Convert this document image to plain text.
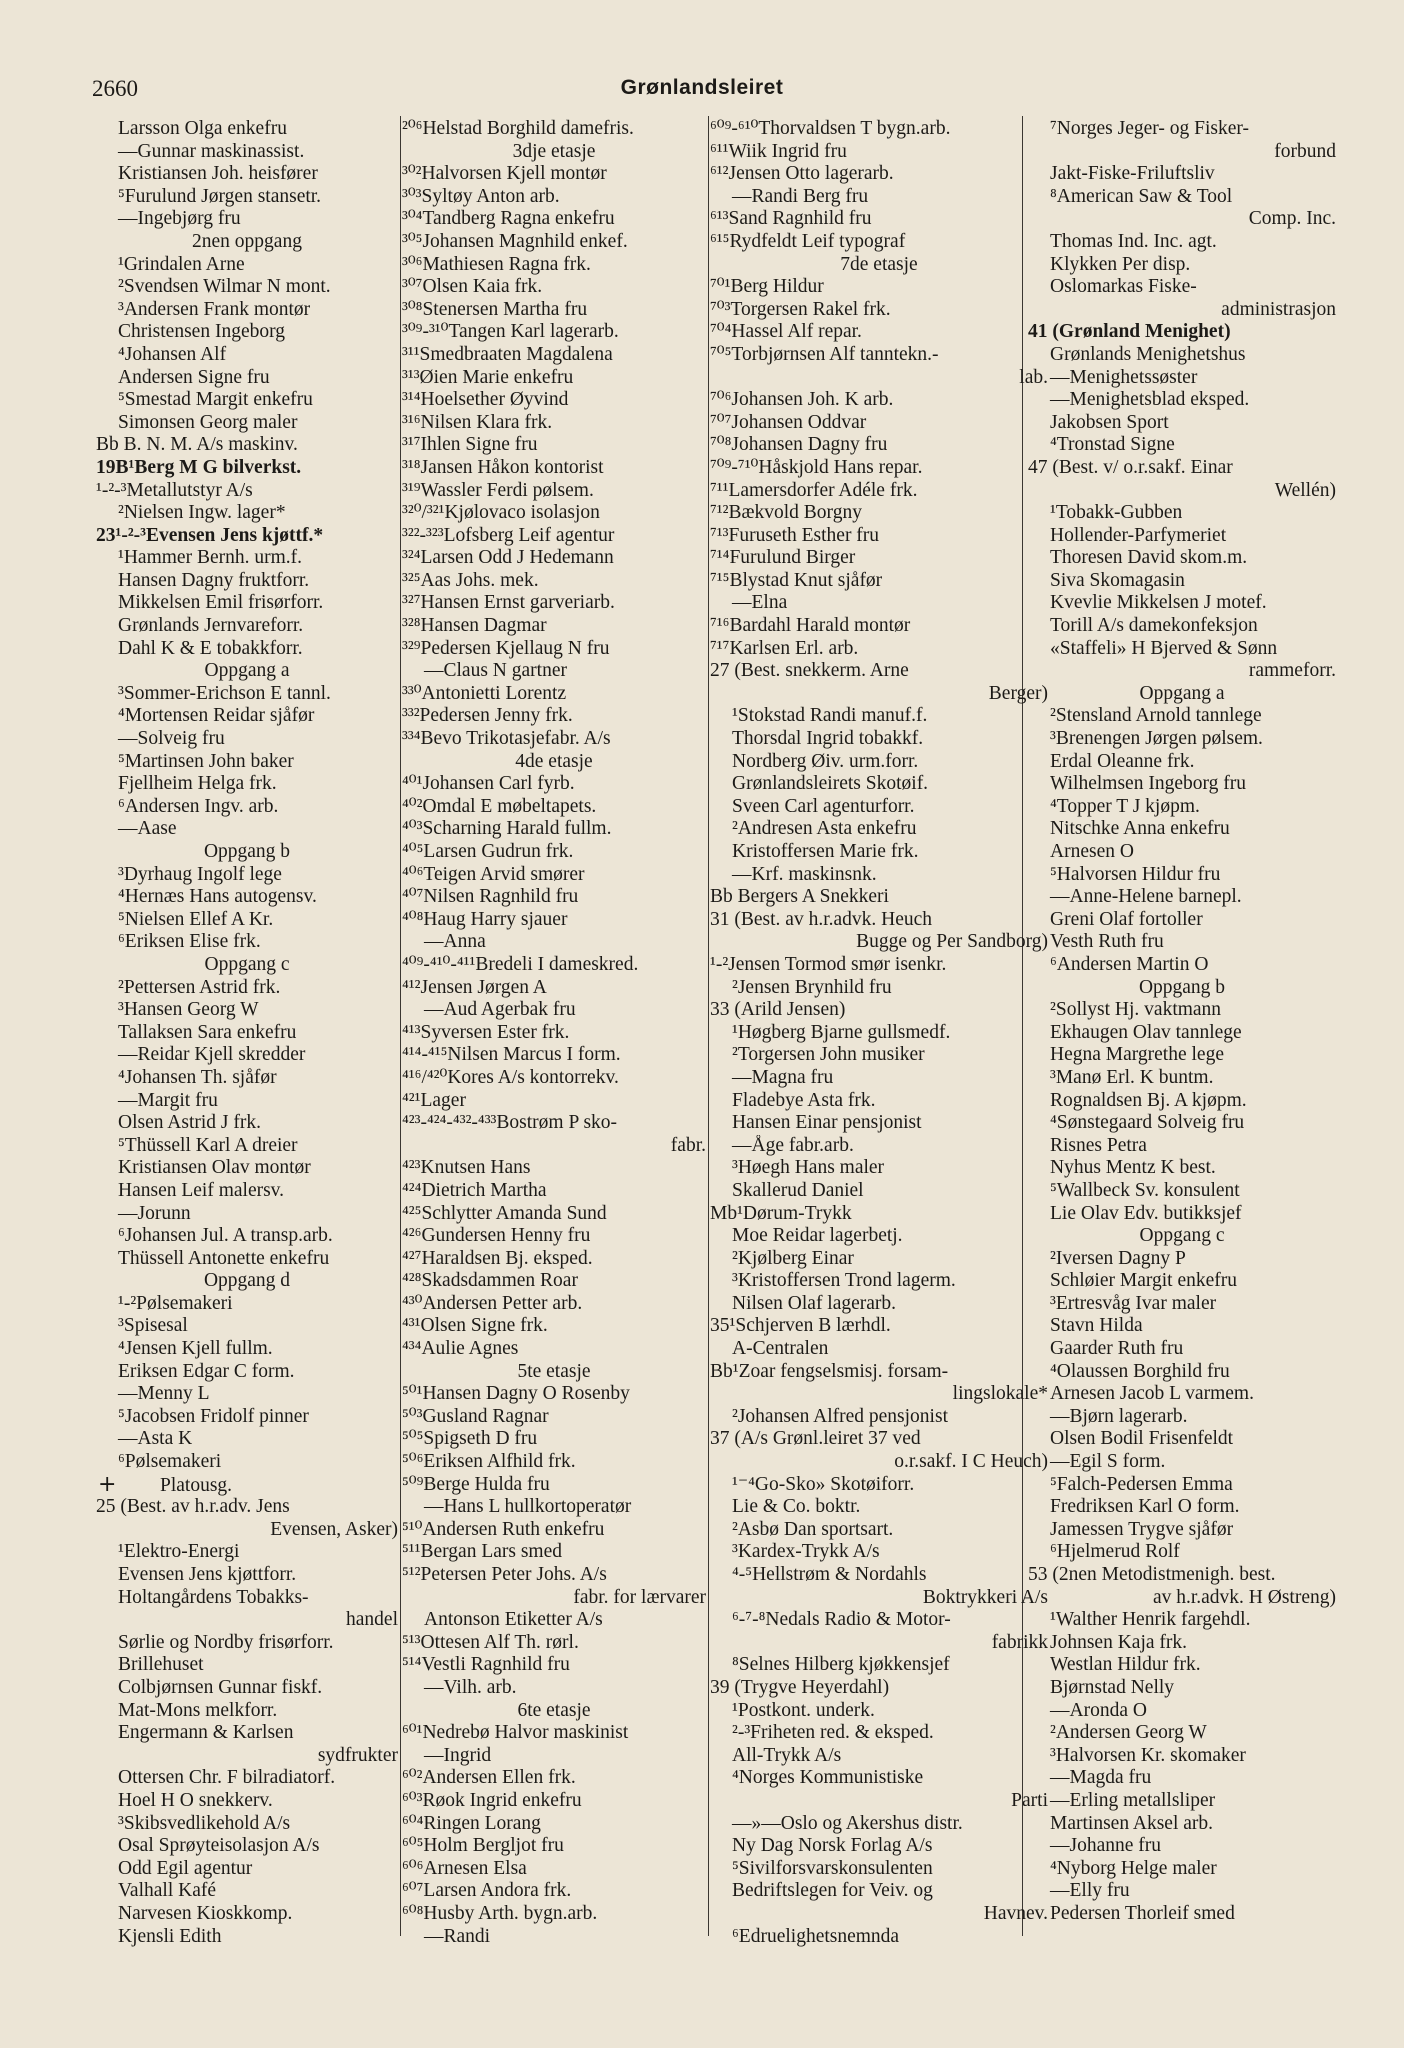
2660	Grønlandsleiret
Larsson Olga enkefru
—Gunnar maskinassist.
Kristiansen Joh. heisfører
⁵Furulund Jørgen stansetr.
—Ingebjørg fru
2nen oppgang
¹Grindalen Arne
²Svendsen Wilmar N mont.
³Andersen Frank montør
Christensen Ingeborg
⁴Johansen Alf
Andersen Signe fru
⁵Smestad Margit enkefru
Simonsen Georg maler
Bb B. N. M. A/s maskinv.
19B¹Berg M G bilverkst.
¹-²-³Metallutstyr A/s
²Nielsen Ingw. lager*
23¹-²-³Evensen Jens kjøttf.*
¹Hammer Bernh. urm.f.
Hansen Dagny fruktforr.
Mikkelsen Emil frisørforr.
Grønlands Jernvareforr.
Dahl K & E tobakkforr.
Oppgang a
³Sommer-Erichson E tannl.
⁴Mortensen Reidar sjåfør
—Solveig fru
⁵Martinsen John baker
Fjellheim Helga frk.
⁶Andersen Ingv. arb.
—Aase
Oppgang b
³Dyrhaug Ingolf lege
⁴Hernæs Hans autogensv.
⁵Nielsen Ellef A Kr.
⁶Eriksen Elise frk.
Oppgang c
²Pettersen Astrid frk.
³Hansen Georg W
Tallaksen Sara enkefru
—Reidar Kjell skredder
⁴Johansen Th. sjåfør
—Margit fru
Olsen Astrid J frk.
⁵Thüssell Karl A dreier
Kristiansen Olav montør
Hansen Leif malersv.
—Jorunn
⁶Johansen Jul. A transp.arb.
Thüssell Antonette enkefru
Oppgang d
¹-²Pølsemakeri
³Spisesal
⁴Jensen Kjell fullm.
Eriksen Edgar C form.
—Menny L
⁵Jacobsen Fridolf pinner
—Asta K
⁶Pølsemakeri
+ Platousg.
25 (Best. av h.r.adv. Jens
Evensen, Asker)
¹Elektro-Energi
Evensen Jens kjøttforr.
Holtangårdens Tobakks-
handel
Sørlie og Nordby frisørforr.
Brillehuset
Colbjørnsen Gunnar fiskf.
Mat-Mons melkforr.
Engermann & Karlsen
sydfrukter
Ottersen Chr. F bilradiatorf.
Hoel H O snekkerv.
³Skibsvedlikehold A/s
Osal Sprøyteisolasjon A/s
Odd Egil agentur
Valhall Kafé
Narvesen Kioskkomp.
Kjensli Edith
²⁰⁶Helstad Borghild damefris.
3dje etasje
³⁰²Halvorsen Kjell montør
³⁰³Syltøy Anton arb.
³⁰⁴Tandberg Ragna enkefru
³⁰⁵Johansen Magnhild enkef.
³⁰⁶Mathiesen Ragna frk.
³⁰⁷Olsen Kaia frk.
³⁰⁸Stenersen Martha fru
³⁰⁹-³¹⁰Tangen Karl lagerarb.
³¹¹Smedbraaten Magdalena
³¹³Øien Marie enkefru
³¹⁴Hoelsether Øyvind
³¹⁶Nilsen Klara frk.
³¹⁷Ihlen Signe fru
³¹⁸Jansen Håkon kontorist
³¹⁹Wassler Ferdi pølsem.
³²⁰/³²¹Kjølovaco isolasjon
³²²-³²³Lofsberg Leif agentur
³²⁴Larsen Odd J Hedemann
³²⁵Aas Johs. mek.
³²⁷Hansen Ernst garveriarb.
³²⁸Hansen Dagmar
³²⁹Pedersen Kjellaug N fru
—Claus N gartner
³³⁰Antonietti Lorentz
³³²Pedersen Jenny frk.
³³⁴Bevo Trikotasjefabr. A/s
4de etasje
⁴⁰¹Johansen Carl fyrb.
⁴⁰²Omdal E møbeltapets.
⁴⁰³Scharning Harald fullm.
⁴⁰⁵Larsen Gudrun frk.
⁴⁰⁶Teigen Arvid smører
⁴⁰⁷Nilsen Ragnhild fru
⁴⁰⁸Haug Harry sjauer
—Anna
⁴⁰⁹-⁴¹⁰-⁴¹¹Bredeli I dameskred.
⁴¹²Jensen Jørgen A
—Aud Agerbak fru
⁴¹³Syversen Ester frk.
⁴¹⁴-⁴¹⁵Nilsen Marcus I form.
⁴¹⁶/⁴²⁰Kores A/s kontorrekv.
⁴²¹Lager
⁴²³-⁴²⁴-⁴³²-⁴³³Bostrøm P sko-
fabr.
⁴²³Knutsen Hans
⁴²⁴Dietrich Martha
⁴²⁵Schlytter Amanda Sund
⁴²⁶Gundersen Henny fru
⁴²⁷Haraldsen Bj. eksped.
⁴²⁸Skadsdammen Roar
⁴³⁰Andersen Petter arb.
⁴³¹Olsen Signe frk.
⁴³⁴Aulie Agnes
5te etasje
⁵⁰¹Hansen Dagny O Rosenby
⁵⁰³Gusland Ragnar
⁵⁰⁵Spigseth D fru
⁵⁰⁶Eriksen Alfhild frk.
⁵⁰⁹Berge Hulda fru
—Hans L hullkortoperatør
⁵¹⁰Andersen Ruth enkefru
⁵¹¹Bergan Lars smed
⁵¹²Petersen Peter Johs. A/s
fabr. for lærvarer
Antonson Etiketter A/s
⁵¹³Ottesen Alf Th. rørl.
⁵¹⁴Vestli Ragnhild fru
—Vilh. arb.
6te etasje
⁶⁰¹Nedrebø Halvor maskinist
—Ingrid
⁶⁰²Andersen Ellen frk.
⁶⁰³Røok Ingrid enkefru
⁶⁰⁴Ringen Lorang
⁶⁰⁵Holm Bergljot fru
⁶⁰⁶Arnesen Elsa
⁶⁰⁷Larsen Andora frk.
⁶⁰⁸Husby Arth. bygn.arb.
—Randi
⁶⁰⁹-⁶¹⁰Thorvaldsen T bygn.arb.
⁶¹¹Wiik Ingrid fru
⁶¹²Jensen Otto lagerarb.
—Randi Berg fru
⁶¹³Sand Ragnhild fru
⁶¹⁵Rydfeldt Leif typograf
7de etasje
⁷⁰¹Berg Hildur
⁷⁰³Torgersen Rakel frk.
⁷⁰⁴Hassel Alf repar.
⁷⁰⁵Torbjørnsen Alf tanntekn.-
lab.
⁷⁰⁶Johansen Joh. K arb.
⁷⁰⁷Johansen Oddvar
⁷⁰⁸Johansen Dagny fru
⁷⁰⁹-⁷¹⁰Håskjold Hans repar.
⁷¹¹Lamersdorfer Adéle frk.
⁷¹²Bækvold Borgny
⁷¹³Furuseth Esther fru
⁷¹⁴Furulund Birger
⁷¹⁵Blystad Knut sjåfør
—Elna
⁷¹⁶Bardahl Harald montør
⁷¹⁷Karlsen Erl. arb.
27 (Best. snekkerm. Arne
Berger)
¹Stokstad Randi manuf.f.
Thorsdal Ingrid tobakkf.
Nordberg Øiv. urm.forr.
Grønlandsleirets Skotøif.
Sveen Carl agenturforr.
²Andresen Asta enkefru
Kristoffersen Marie frk.
—Krf. maskinsnk.
Bb Bergers A Snekkeri
31 (Best. av h.r.advk. Heuch
Bugge og Per Sandborg)
¹-²Jensen Tormod smør isenkr.
²Jensen Brynhild fru
33 (Arild Jensen)
¹Høgberg Bjarne gullsmedf.
²Torgersen John musiker
—Magna fru
Fladebye Asta frk.
Hansen Einar pensjonist
—Åge fabr.arb.
³Høegh Hans maler
Skallerud Daniel
Mb¹Dørum-Trykk
Moe Reidar lagerbetj.
²Kjølberg Einar
³Kristoffersen Trond lagerm.
Nilsen Olaf lagerarb.
35¹Schjerven B lærhdl.
A-Centralen
Bb¹Zoar fengselsmisj. forsam-
lingslokale*
²Johansen Alfred pensjonist
37 (A/s Grønl.leiret 37 ved
o.r.sakf. I C Heuch)
¹⁻⁴Go-Sko» Skotøiforr.
Lie & Co. boktr.
²Asbø Dan sportsart.
³Kardex-Trykk A/s
⁴-⁵Hellstrøm & Nordahls
Boktrykkeri A/s
⁶-⁷-⁸Nedals Radio & Motor-
fabrikk
⁸Selnes Hilberg kjøkkensjef
39 (Trygve Heyerdahl)
¹Postkont. underk.
²-³Friheten red. & eksped.
All-Trykk A/s
⁴Norges Kommunistiske
Parti
—»—Oslo og Akershus distr.
Ny Dag Norsk Forlag A/s
⁵Sivilforsvarskonsulenten
Bedriftslegen for Veiv. og
Havnev.
⁶Edruelighetsnemnda
⁷Norges Jeger- og Fisker-
forbund
Jakt-Fiske-Friluftsliv
⁸American Saw & Tool
Comp. Inc.
Thomas Ind. Inc. agt.
Klykken Per disp.
Oslomarkas Fiske-
administrasjon
41 (Grønland Menighet)
Grønlands Menighetshus
—Menighetssøster
—Menighetsblad eksped.
Jakobsen Sport
⁴Tronstad Signe
47 (Best. v/ o.r.sakf. Einar
Wellén)
¹Tobakk-Gubben
Hollender-Parfymeriet
Thoresen David skom.m.
Siva Skomagasin
Kvevlie Mikkelsen J motef.
Torill A/s damekonfeksjon
«Staffeli» H Bjerved & Sønn
rammeforr.
Oppgang a
²Stensland Arnold tannlege
³Brenengen Jørgen pølsem.
Erdal Oleanne frk.
Wilhelmsen Ingeborg fru
⁴Topper T J kjøpm.
Nitschke Anna enkefru
Arnesen O
⁵Halvorsen Hildur fru
—Anne-Helene barnepl.
Greni Olaf fortoller
Vesth Ruth fru
⁶Andersen Martin O
Oppgang b
²Sollyst Hj. vaktmann
Ekhaugen Olav tannlege
Hegna Margrethe lege
³Manø Erl. K buntm.
Rognaldsen Bj. A kjøpm.
⁴Sønstegaard Solveig fru
Risnes Petra
Nyhus Mentz K best.
⁵Wallbeck Sv. konsulent
Lie Olav Edv. butikksjef
Oppgang c
²Iversen Dagny P
Schløier Margit enkefru
³Ertresvåg Ivar maler
Stavn Hilda
Gaarder Ruth fru
⁴Olaussen Borghild fru
Arnesen Jacob L varmem.
—Bjørn lagerarb.
Olsen Bodil Frisenfeldt
—Egil S form.
⁵Falch-Pedersen Emma
Fredriksen Karl O form.
Jamessen Trygve sjåfør
⁶Hjelmerud Rolf
53 (2nen Metodistmenigh. best.
av h.r.advk. H Østreng)
¹Walther Henrik fargehdl.
Johnsen Kaja frk.
Westlan Hildur frk.
Bjørnstad Nelly
—Aronda O
²Andersen Georg W
³Halvorsen Kr. skomaker
—Magda fru
—Erling metallsliper
Martinsen Aksel arb.
—Johanne fru
⁴Nyborg Helge maler
—Elly fru
Pedersen Thorleif smed
